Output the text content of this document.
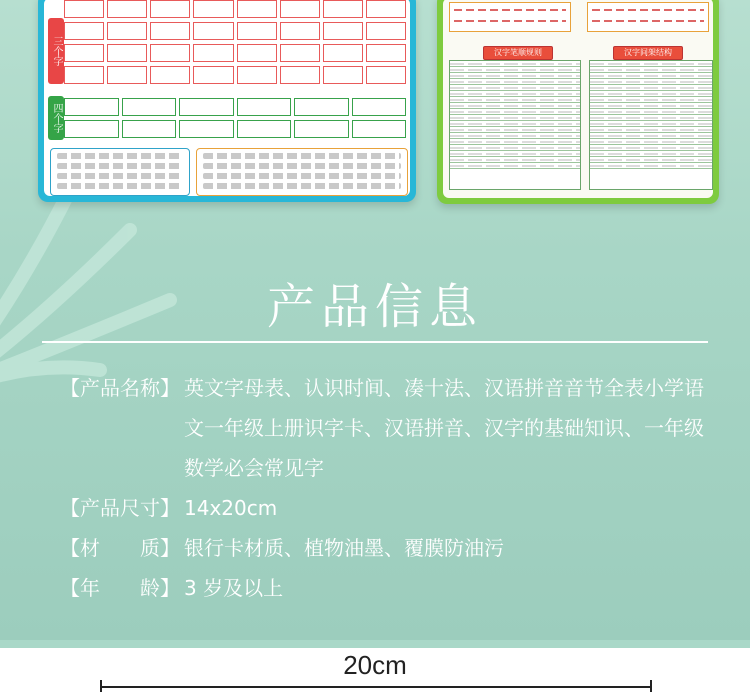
三个字
四个字
汉字笔顺规则	汉字间架结构
产品信息
【产品名称】 英文字母表、认识时间、凑十法、汉语拼音音节全表小学语文一年级上册识字卡、汉语拼音、汉字的基础知识、一年级数学必会常见字
【产品尺寸】 14x20cm
【材　　质】 银行卡材质、植物油墨、覆膜防油污
【年　　龄】 3 岁及以上
20cm
